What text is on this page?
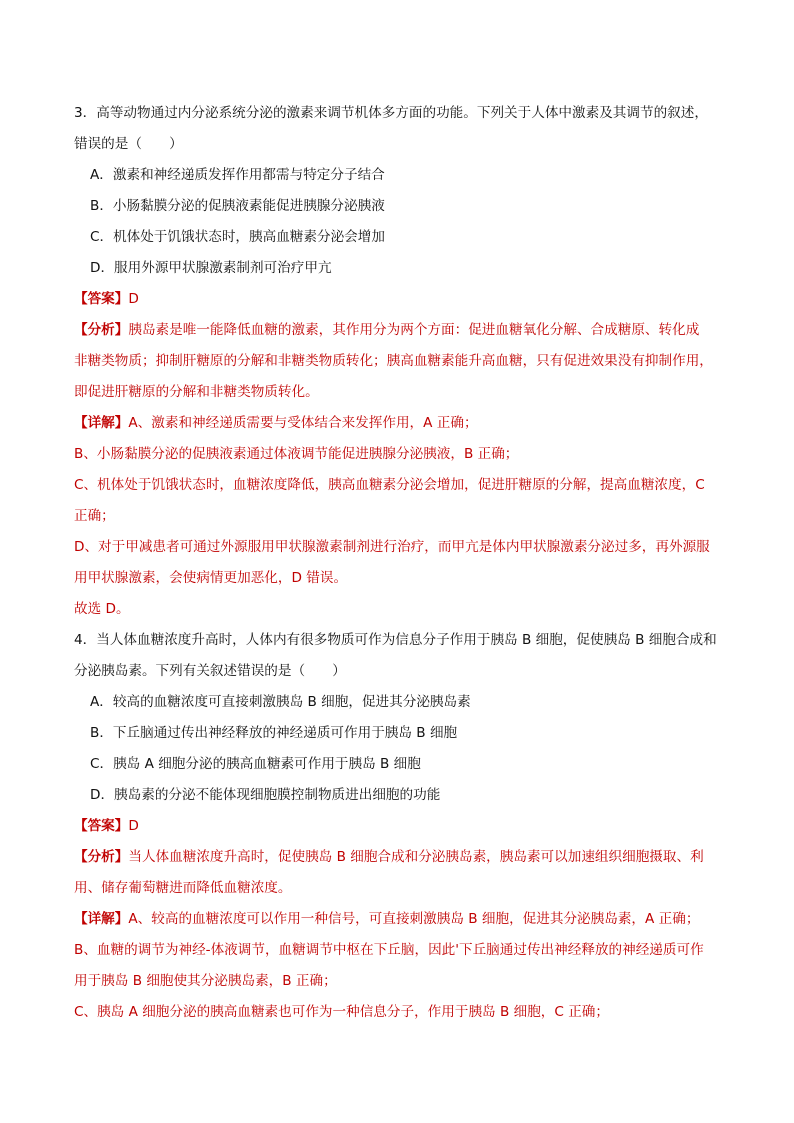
3．高等动物通过内分泌系统分泌的激素来调节机体多方面的功能。下列关于人体中激素及其调节的叙述，
错误的是（　　）
A．激素和神经递质发挥作用都需与特定分子结合
B．小肠黏膜分泌的促胰液素能促进胰腺分泌胰液
C．机体处于饥饿状态时，胰高血糖素分泌会增加
D．服用外源甲状腺激素制剂可治疗甲亢
【答案】D
【分析】胰岛素是唯一能降低血糖的激素，其作用分为两个方面：促进血糖氧化分解、合成糖原、转化成
非糖类物质；抑制肝糖原的分解和非糖类物质转化；胰高血糖素能升高血糖，只有促进效果没有抑制作用，
即促进肝糖原的分解和非糖类物质转化。
【详解】A、激素和神经递质需要与受体结合来发挥作用，A 正确；
B、小肠黏膜分泌的促胰液素通过体液调节能促进胰腺分泌胰液，B 正确；
C、机体处于饥饿状态时，血糖浓度降低，胰高血糖素分泌会增加，促进肝糖原的分解，提高血糖浓度，C
正确；
D、对于甲减患者可通过外源服用甲状腺激素制剂进行治疗，而甲亢是体内甲状腺激素分泌过多，再外源服
用甲状腺激素，会使病情更加恶化，D 错误。
故选 D。
4．当人体血糖浓度升高时，人体内有很多物质可作为信息分子作用于胰岛 B 细胞，促使胰岛 B 细胞合成和
分泌胰岛素。下列有关叙述错误的是（　　）
A．较高的血糖浓度可直接刺激胰岛 B 细胞，促进其分泌胰岛素
B．下丘脑通过传出神经释放的神经递质可作用于胰岛 B 细胞
C．胰岛 A 细胞分泌的胰高血糖素可作用于胰岛 B 细胞
D．胰岛素的分泌不能体现细胞膜控制物质进出细胞的功能
【答案】D
【分析】当人体血糖浓度升高时，促使胰岛 B 细胞合成和分泌胰岛素，胰岛素可以加速组织细胞摄取、利
用、储存葡萄糖进而降低血糖浓度。
【详解】A、较高的血糖浓度可以作用一种信号，可直接刺激胰岛 B 细胞，促进其分泌胰岛素，A 正确；
B、血糖的调节为神经-体液调节，血糖调节中枢在下丘脑，因此'下丘脑通过传出神经释放的神经递质可作
用于胰岛 B 细胞使其分泌胰岛素，B 正确；
C、胰岛 A 细胞分泌的胰高血糖素也可作为一种信息分子，作用于胰岛 B 细胞，C 正确；
